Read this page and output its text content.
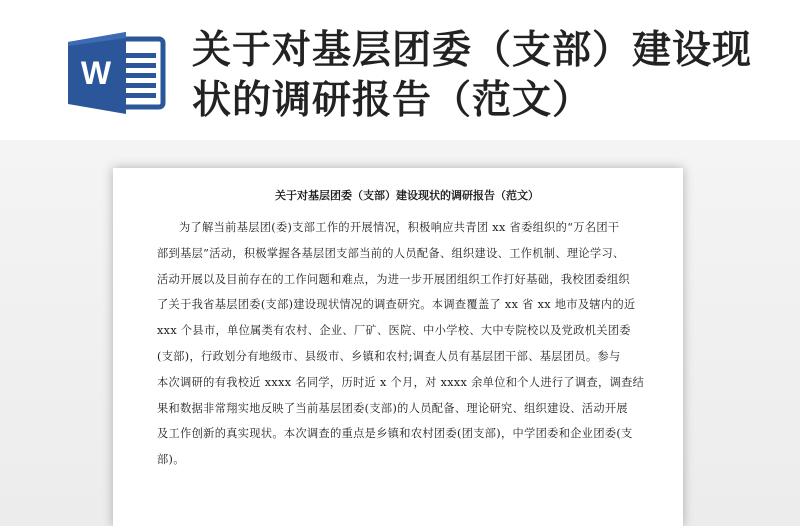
W 关于对基层团委（支部）建设现
状的调研报告（范文）
关于对基层团委（支部）建设现状的调研报告（范文）

为了解当前基层团(委)支部工作的开展情况，积极响应共青团 xx 省委组织的“万名团干

部到基层”活动，积极掌握各基层团支部当前的人员配备、组织建设、工作机制、理论学习、

活动开展以及目前存在的工作问题和难点，为进一步开展团组织工作打好基础，我校团委组织

了关于我省基层团委(支部)建设现状情况的调查研究。本调查覆盖了 xx 省 xx 地市及辖内的近

xxx 个县市，单位属类有农村、企业、厂矿、医院、中小学校、大中专院校以及党政机关团委

(支部)，行政划分有地级市、县级市、乡镇和农村;调查人员有基层团干部、基层团员。参与

本次调研的有我校近 xxxx 名同学，历时近 x 个月，对 xxxx 余单位和个人进行了调查，调查结

果和数据非常翔实地反映了当前基层团委(支部)的人员配备、理论研究、组织建设、活动开展

及工作创新的真实现状。本次调查的重点是乡镇和农村团委(团支部)，中学团委和企业团委(支

部)。
